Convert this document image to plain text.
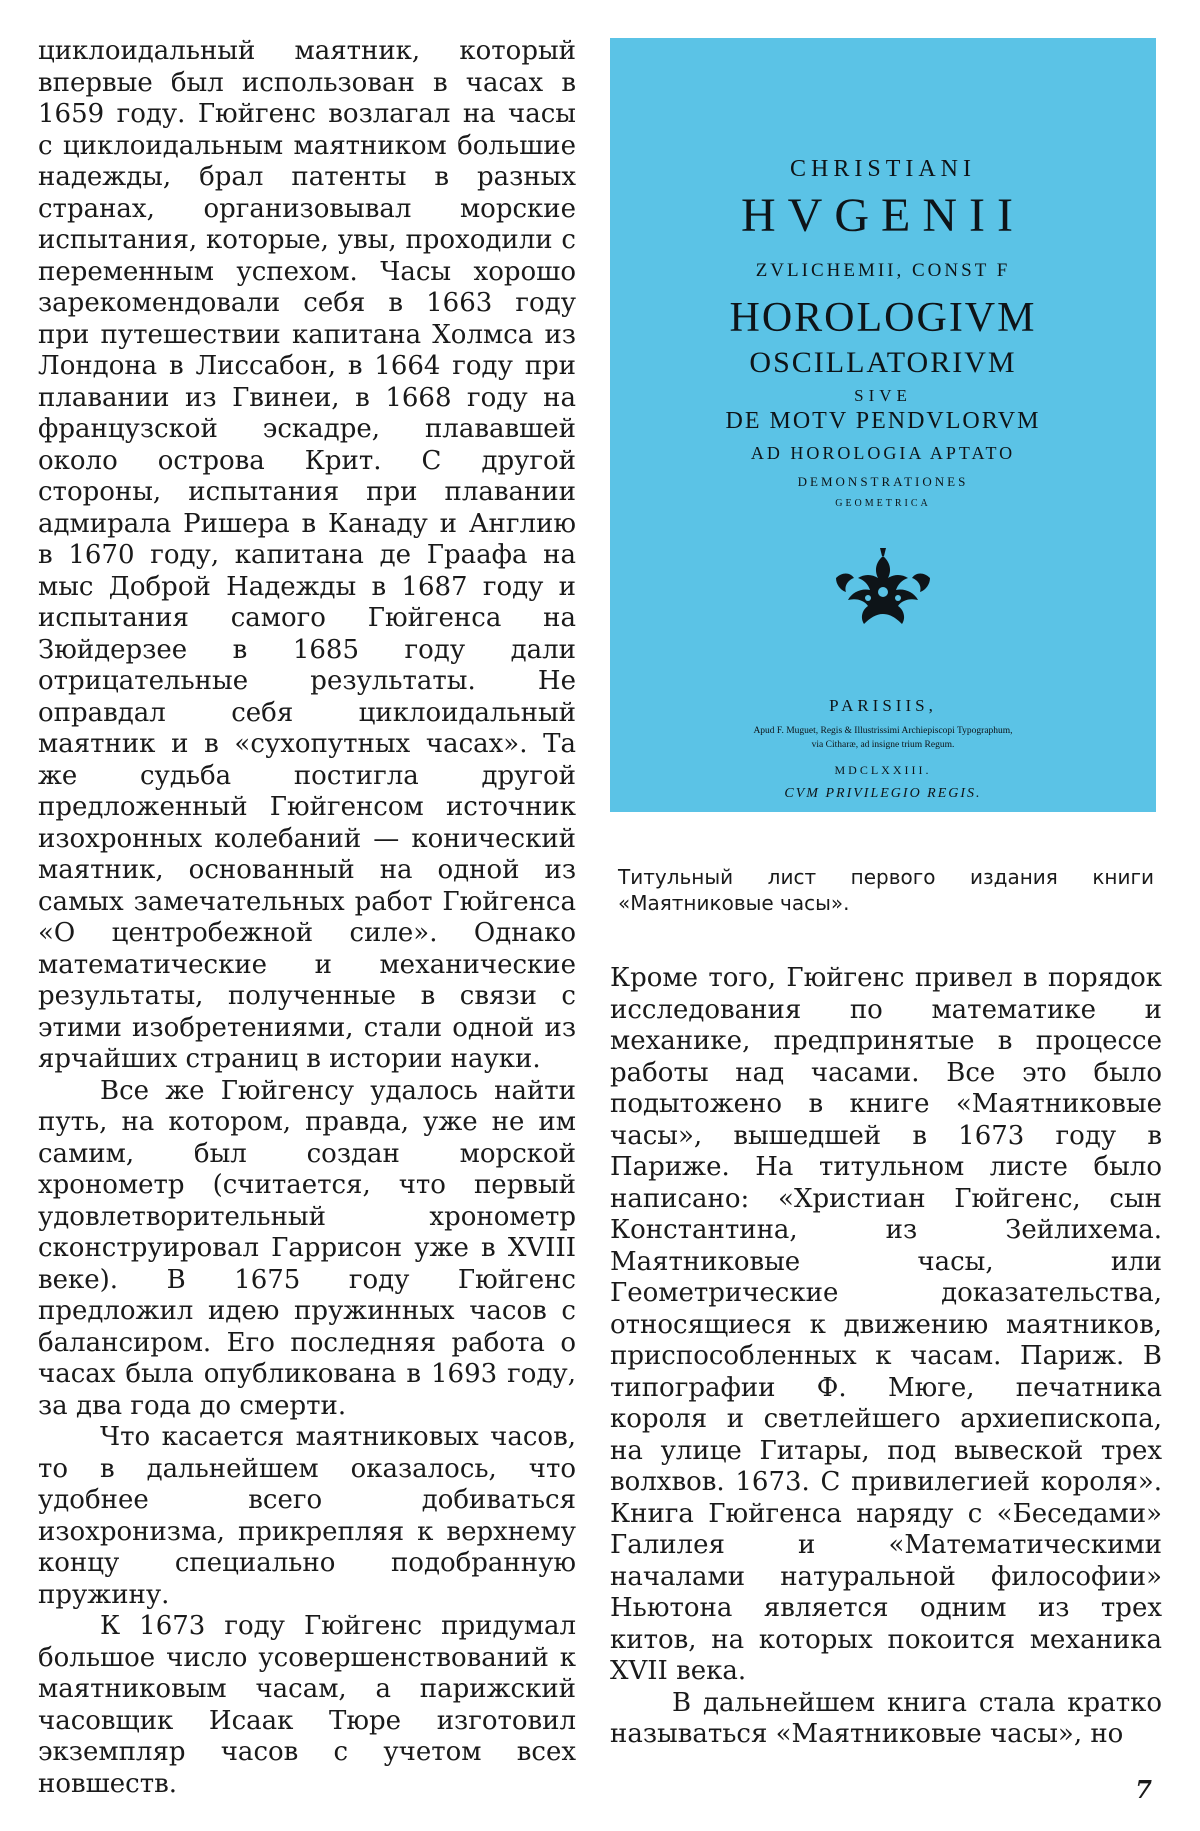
циклоидальный маятник, который впервые был использован в часах в 1659 году. Гюйгенс возлагал на часы с циклоидальным маятником большие надежды, брал патенты в разных странах, организовывал морские испытания, которые, увы, проходили с переменным успехом. Часы хорошо зарекомендовали себя в 1663 году при путешествии капитана Холмса из Лондона в Лиссабон, в 1664 году при плавании из Гвинеи, в 1668 году на французской эскадре, плававшей около острова Крит. С другой стороны, испытания при плавании адмирала Ришера в Канаду и Англию в 1670 году, капитана де Граафа на мыс Доброй Надежды в 1687 году и испытания самого Гюйгенса на Зюйдерзее в 1685 году дали отрицательные результаты. Не оправдал себя циклоидальный маятник и в «сухопутных часах». Та же судьба постигла другой предложенный Гюйгенсом источник изохронных колебаний — конический маятник, основанный на одной из самых замечательных работ Гюйгенса «О центробежной силе». Однако математические и механические результаты, полученные в связи с этими изобретениями, стали одной из ярчайших страниц в истории науки.

Все же Гюйгенсу удалось найти путь, на котором, правда, уже не им самим, был создан морской хронометр (считается, что первый удовлетворительный хронометр сконструировал Гаррисон уже в XVIII веке). В 1675 году Гюйгенс предложил идею пружинных часов с балансиром. Его последняя работа о часах была опубликована в 1693 году, за два года до смерти.

Что касается маятниковых часов, то в дальнейшем оказалось, что удобнее всего добиваться изохронизма, прикрепляя к верхнему концу специально подобранную пружину.

К 1673 году Гюйгенс придумал большое число усовершенствований к маятниковым часам, а парижский часовщик Исаак Тюре изготовил экземпляр часов с учетом всех новшеств.

CHRISTIANI
HVGENII
ZVLICHEMII, CONST F
HOROLOGIVM
OSCILLATORIVM
SIVE
DE MOTV PENDVLORVM
AD HOROLOGIA APTATO
DEMONSTRATIONES
GEOMETRICA
PARISIIS,
Apud F. Muguet, Regis & Illustrissimi Archiepiscopi Typographum,
via Citharæ, ad insigne trium Regum.
MDCLXXIII.
CVM PRIVILEGIO REGIS.
Титульный лист первого издания книги «Маятниковые часы».

Кроме того, Гюйгенс привел в порядок исследования по математике и механике, предпринятые в процессе работы над часами. Все это было подытожено в книге «Маятниковые часы», вышедшей в 1673 году в Париже. На титульном листе было написано: «Христиан Гюйгенс, сын Константина, из Зейлихема. Маятниковые часы, или Геометрические доказательства, относящиеся к движению маятников, приспособленных к часам. Париж. В типографии Ф. Мюге, печатника короля и светлейшего архиепископа, на улице Гитары, под вывеской трех волхвов. 1673. С привилегией короля». Книга Гюйгенса наряду с «Беседами» Галилея и «Математическими началами натуральной философии» Ньютона является одним из трех китов, на которых покоится механика XVII века.

В дальнейшем книга стала кратко называться «Маятниковые часы», но

7
